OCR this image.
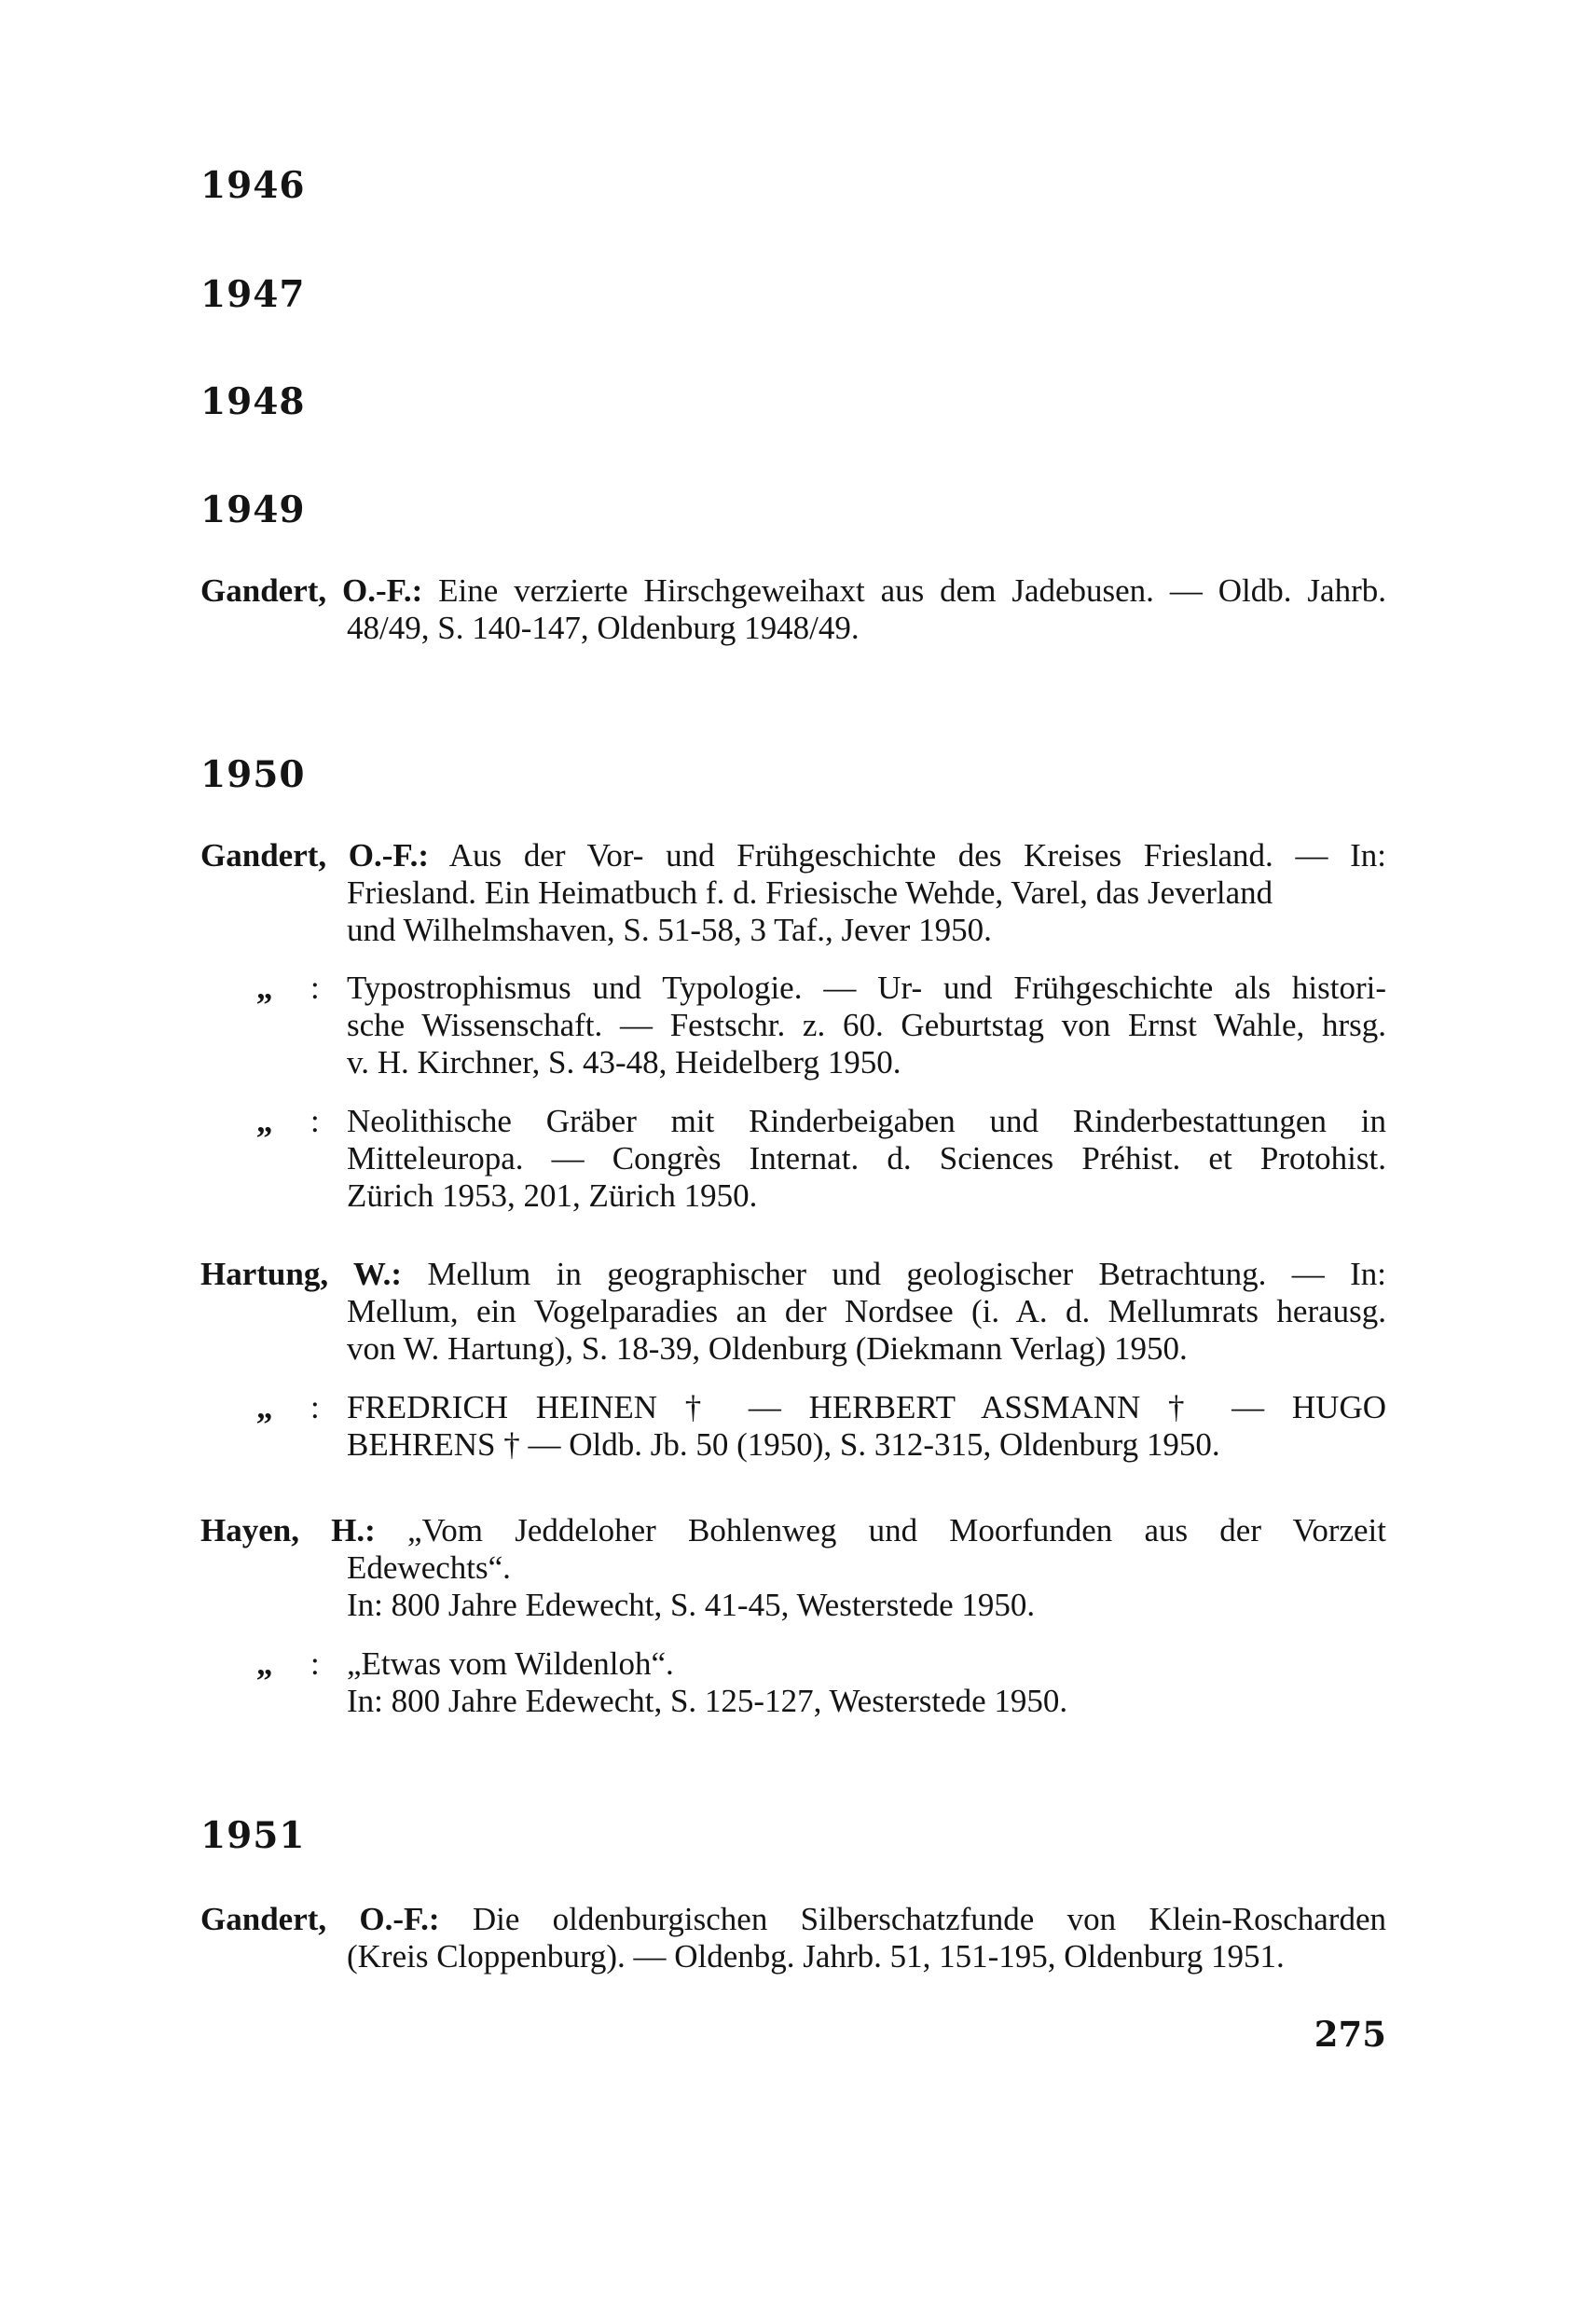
1946
1947
1948
1949
Gandert, O.-F.: Eine verzierte Hirschgeweihaxt aus dem Jadebusen. — Oldb. Jahrb.
48/49, S. 140-147, Oldenburg 1948/49.
1950
Gandert, O.-F.: Aus der Vor- und Frühgeschichte des Kreises Friesland. — In:
Friesland. Ein Heimatbuch f. d. Friesische Wehde, Varel, das Jeverland
und Wilhelmshaven, S. 51-58, 3 Taf., Jever 1950.
„ : Typostrophismus und Typologie. — Ur- und Frühgeschichte als histori-
sche Wissenschaft. — Festschr. z. 60. Geburtstag von Ernst Wahle, hrsg.
v. H. Kirchner, S. 43-48, Heidelberg 1950.
„ : Neolithische Gräber mit Rinderbeigaben und Rinderbestattungen in
Mitteleuropa. — Congrès Internat. d. Sciences Préhist. et Protohist.
Zürich 1953, 201, Zürich 1950.
Hartung, W.: Mellum in geographischer und geologischer Betrachtung. — In:
Mellum, ein Vogelparadies an der Nordsee (i. A. d. Mellumrats herausg.
von W. Hartung), S. 18-39, Oldenburg (Diekmann Verlag) 1950.
„ : FREDRICH HEINEN † — HERBERT ASSMANN † — HUGO
BEHRENS † — Oldb. Jb. 50 (1950), S. 312-315, Oldenburg 1950.
Hayen, H.: „Vom Jeddeloher Bohlenweg und Moorfunden aus der Vorzeit
Edewechts“.
In: 800 Jahre Edewecht, S. 41-45, Westerstede 1950.
„ : „Etwas vom Wildenloh“.
In: 800 Jahre Edewecht, S. 125-127, Westerstede 1950.
1951
Gandert, O.-F.: Die oldenburgischen Silberschatzfunde von Klein-Roscharden
(Kreis Cloppenburg). — Oldenbg. Jahrb. 51, 151-195, Oldenburg 1951.
275
